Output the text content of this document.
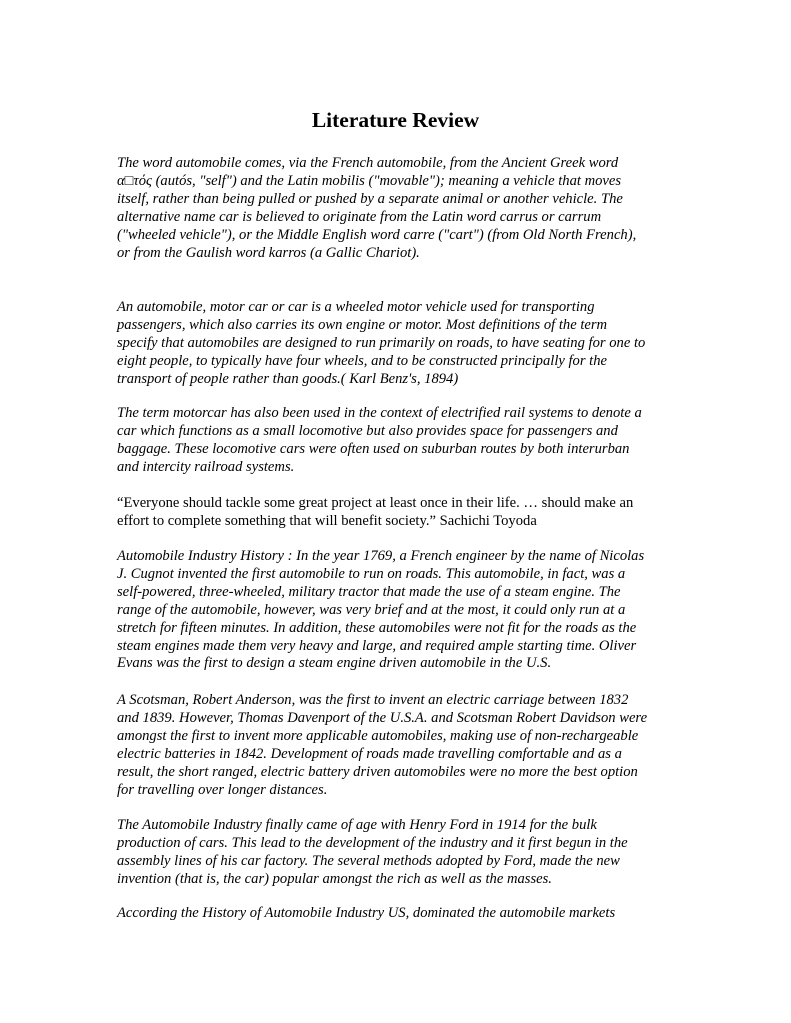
Literature Review

The word automobile comes, via the French automobile, from the Ancient Greek word
α□τός (autós, "self") and the Latin mobilis ("movable"); meaning a vehicle that moves
itself, rather than being pulled or pushed by a separate animal or another vehicle. The
alternative name car is believed to originate from the Latin word carrus or carrum
("wheeled vehicle"), or the Middle English word carre ("cart") (from Old North French),
or from the Gaulish word karros (a Gallic Chariot).

An automobile, motor car or car is a wheeled motor vehicle used for transporting
passengers, which also carries its own engine or motor. Most definitions of the term
specify that automobiles are designed to run primarily on roads, to have seating for one to
eight people, to typically have four wheels, and to be constructed principally for the
transport of people rather than goods.( Karl Benz's, 1894)

The term motorcar has also been used in the context of electrified rail systems to denote a
car which functions as a small locomotive but also provides space for passengers and
baggage. These locomotive cars were often used on suburban routes by both interurban
and intercity railroad systems.

“Everyone should tackle some great project at least once in their life. … should make an
effort to complete something that will benefit society.” Sachichi Toyoda

Automobile Industry History : In the year 1769, a French engineer by the name of Nicolas
J. Cugnot invented the first automobile to run on roads. This automobile, in fact, was a
self-powered, three-wheeled, military tractor that made the use of a steam engine. The
range of the automobile, however, was very brief and at the most, it could only run at a
stretch for fifteen minutes. In addition, these automobiles were not fit for the roads as the
steam engines made them very heavy and large, and required ample starting time. Oliver
Evans was the first to design a steam engine driven automobile in the U.S.

A Scotsman, Robert Anderson, was the first to invent an electric carriage between 1832
and 1839. However, Thomas Davenport of the U.S.A. and Scotsman Robert Davidson were
amongst the first to invent more applicable automobiles, making use of non-rechargeable
electric batteries in 1842. Development of roads made travelling comfortable and as a
result, the short ranged, electric battery driven automobiles were no more the best option
for travelling over longer distances.

The Automobile Industry finally came of age with Henry Ford in 1914 for the bulk
production of cars. This lead to the development of the industry and it first begun in the
assembly lines of his car factory. The several methods adopted by Ford, made the new
invention (that is, the car) popular amongst the rich as well as the masses.

According the History of Automobile Industry US, dominated the automobile markets
